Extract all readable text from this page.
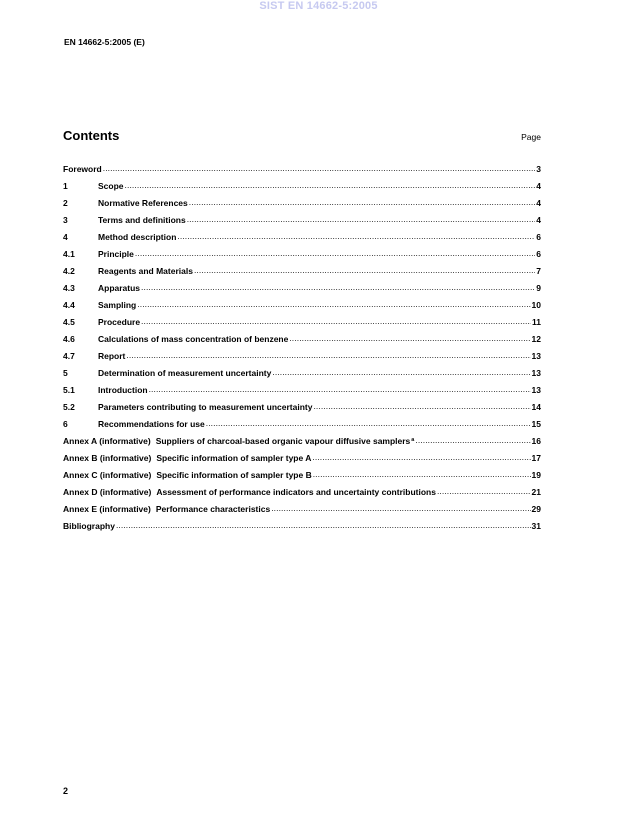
SIST EN 14662-5:2005
EN 14662-5:2005 (E)
Contents	Page
Foreword .....	3
1	Scope .....	4
2	Normative References .....	4
3	Terms and definitions .....	4
4	Method description .....	6
4.1	Principle .....	6
4.2	Reagents and Materials .....	7
4.3	Apparatus .....	9
4.4	Sampling .....	10
4.5	Procedure .....	11
4.6	Calculations of mass concentration of benzene .....	12
4.7	Report .....	13
5	Determination of measurement uncertainty .....	13
5.1	Introduction .....	13
5.2	Parameters contributing to measurement uncertainty .....	14
6	Recommendations for use .....	15
Annex A (informative) Suppliers of charcoal-based organic vapour diffusive samplers$^a$ .....	16
Annex B (informative) Specific information of sampler type A .....	17
Annex C (informative) Specific information of sampler type B .....	19
Annex D (informative) Assessment of performance indicators and uncertainty contributions .....	21
Annex E (informative) Performance characteristics .....	29
Bibliography .....	31
2
